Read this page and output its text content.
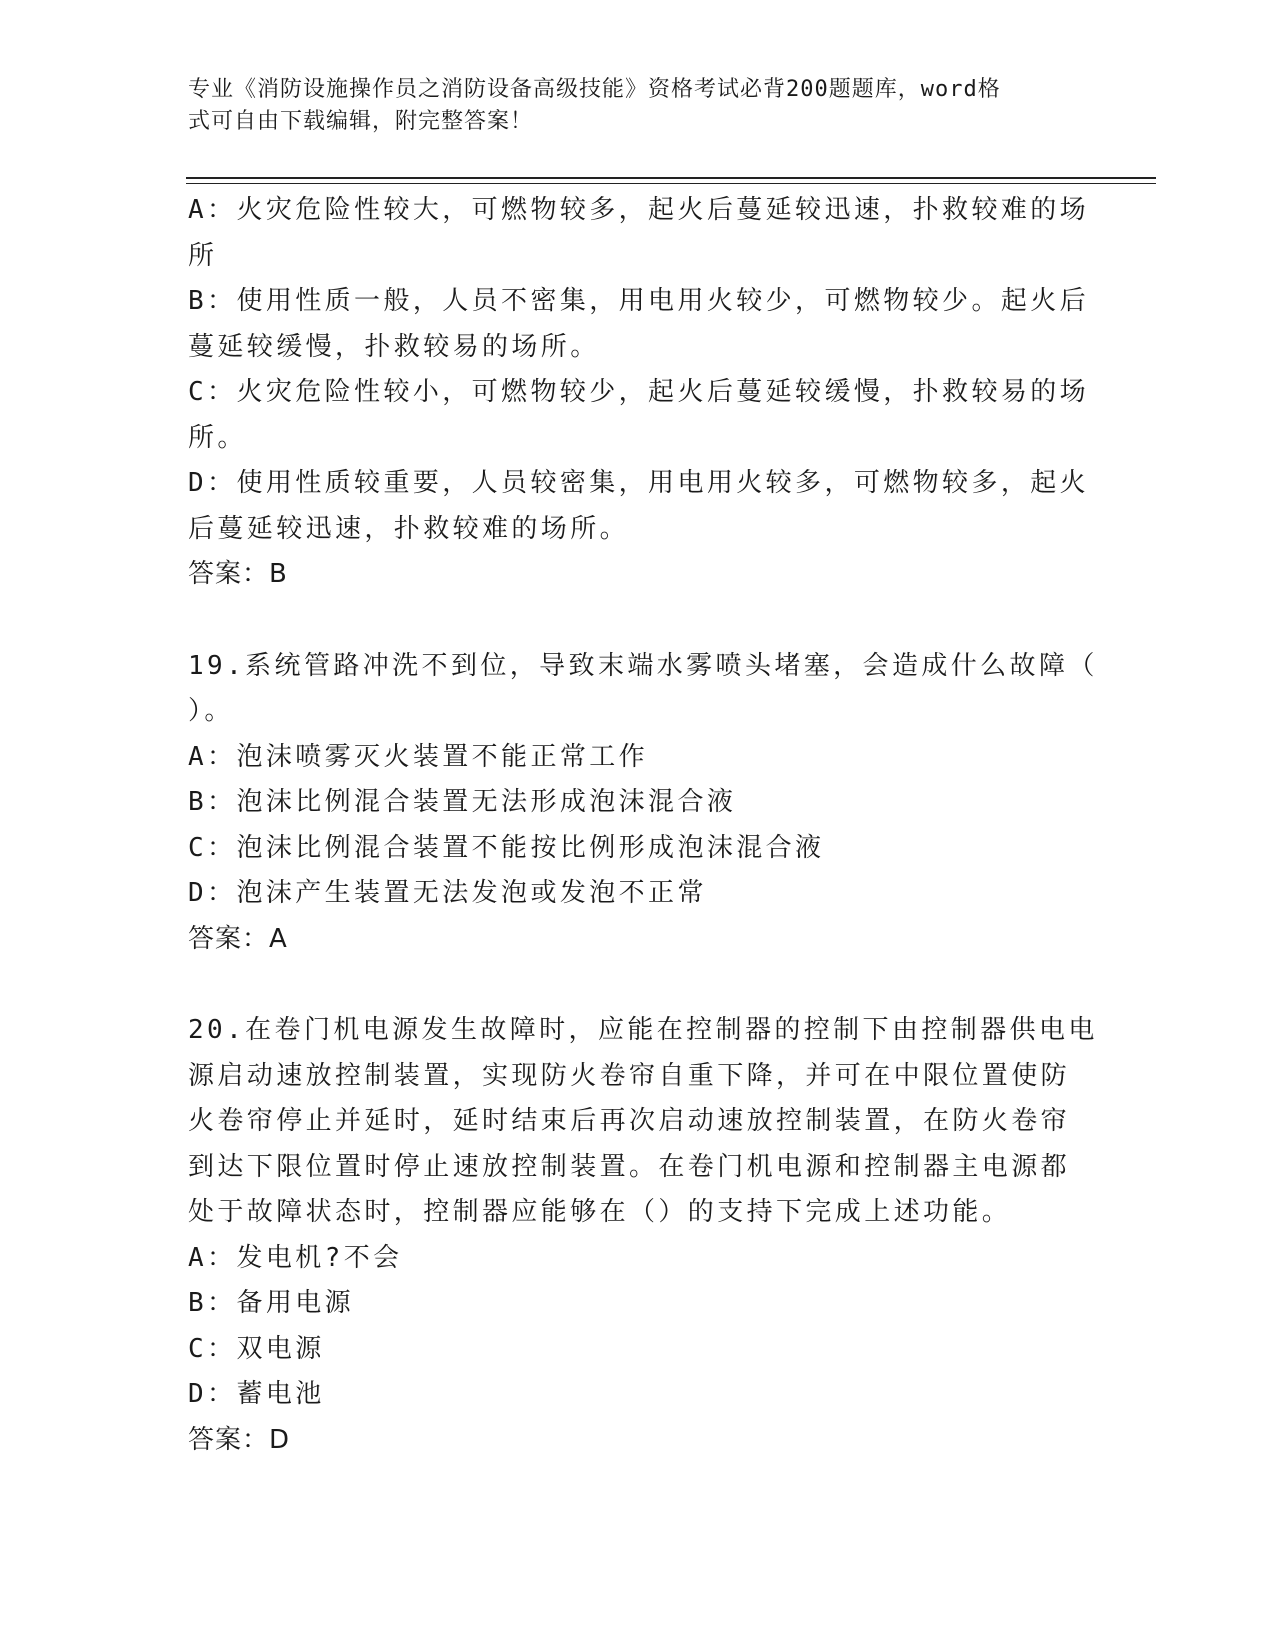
专业《消防设施操作员之消防设备高级技能》资格考试必背200题题库，word格
式可自由下载编辑，附完整答案！
A：火灾危险性较大，可燃物较多，起火后蔓延较迅速，扑救较难的场
所
B：使用性质一般，人员不密集，用电用火较少，可燃物较少。起火后
蔓延较缓慢，扑救较易的场所。
C：火灾危险性较小，可燃物较少，起火后蔓延较缓慢，扑救较易的场
所。
D：使用性质较重要，人员较密集，用电用火较多，可燃物较多，起火
后蔓延较迅速，扑救较难的场所。
答案：B
19.系统管路冲洗不到位，导致末端水雾喷头堵塞，会造成什么故障（
）。
A：泡沫喷雾灭火装置不能正常工作
B：泡沫比例混合装置无法形成泡沫混合液
C：泡沫比例混合装置不能按比例形成泡沫混合液
D：泡沫产生装置无法发泡或发泡不正常
答案：A
20.在卷门机电源发生故障时，应能在控制器的控制下由控制器供电电
源启动速放控制装置，实现防火卷帘自重下降，并可在中限位置使防
火卷帘停止并延时，延时结束后再次启动速放控制装置，在防火卷帘
到达下限位置时停止速放控制装置。在卷门机电源和控制器主电源都
处于故障状态时，控制器应能够在（）的支持下完成上述功能。
A：发电机?不会
B：备用电源
C：双电源
D：蓄电池
答案：D
